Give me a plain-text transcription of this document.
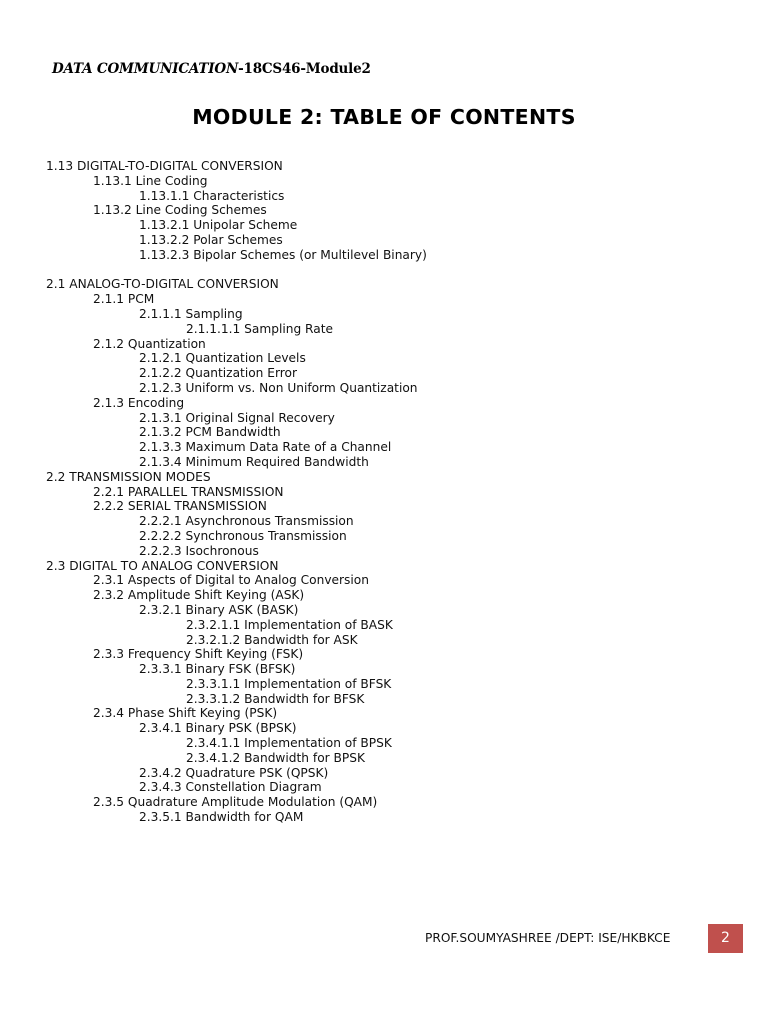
DATA COMMUNICATION-18CS46-Module2
MODULE 2: TABLE OF CONTENTS
1.13 DIGITAL-TO-DIGITAL CONVERSION
1.13.1 Line Coding
1.13.1.1 Characteristics
1.13.2 Line Coding Schemes
1.13.2.1 Unipolar Scheme
1.13.2.2 Polar Schemes
1.13.2.3 Bipolar Schemes (or Multilevel Binary)
2.1 ANALOG-TO-DIGITAL CONVERSION
2.1.1 PCM
2.1.1.1 Sampling
2.1.1.1.1 Sampling Rate
2.1.2 Quantization
2.1.2.1 Quantization Levels
2.1.2.2 Quantization Error
2.1.2.3 Uniform vs. Non Uniform Quantization
2.1.3 Encoding
2.1.3.1 Original Signal Recovery
2.1.3.2 PCM Bandwidth
2.1.3.3 Maximum Data Rate of a Channel
2.1.3.4 Minimum Required Bandwidth
2.2 TRANSMISSION MODES
2.2.1 PARALLEL TRANSMISSION
2.2.2 SERIAL TRANSMISSION
2.2.2.1 Asynchronous Transmission
2.2.2.2 Synchronous Transmission
2.2.2.3 Isochronous
2.3 DIGITAL TO ANALOG CONVERSION
2.3.1 Aspects of Digital to Analog Conversion
2.3.2 Amplitude Shift Keying (ASK)
2.3.2.1 Binary ASK (BASK)
2.3.2.1.1 Implementation of BASK
2.3.2.1.2 Bandwidth for ASK
2.3.3 Frequency Shift Keying (FSK)
2.3.3.1 Binary FSK (BFSK)
2.3.3.1.1 Implementation of BFSK
2.3.3.1.2 Bandwidth for BFSK
2.3.4 Phase Shift Keying (PSK)
2.3.4.1 Binary PSK (BPSK)
2.3.4.1.1 Implementation of BPSK
2.3.4.1.2 Bandwidth for BPSK
2.3.4.2 Quadrature PSK (QPSK)
2.3.4.3 Constellation Diagram
2.3.5 Quadrature Amplitude Modulation (QAM)
2.3.5.1 Bandwidth for QAM
PROF.SOUMYASHREE /DEPT: ISE/HKBKCE	2
